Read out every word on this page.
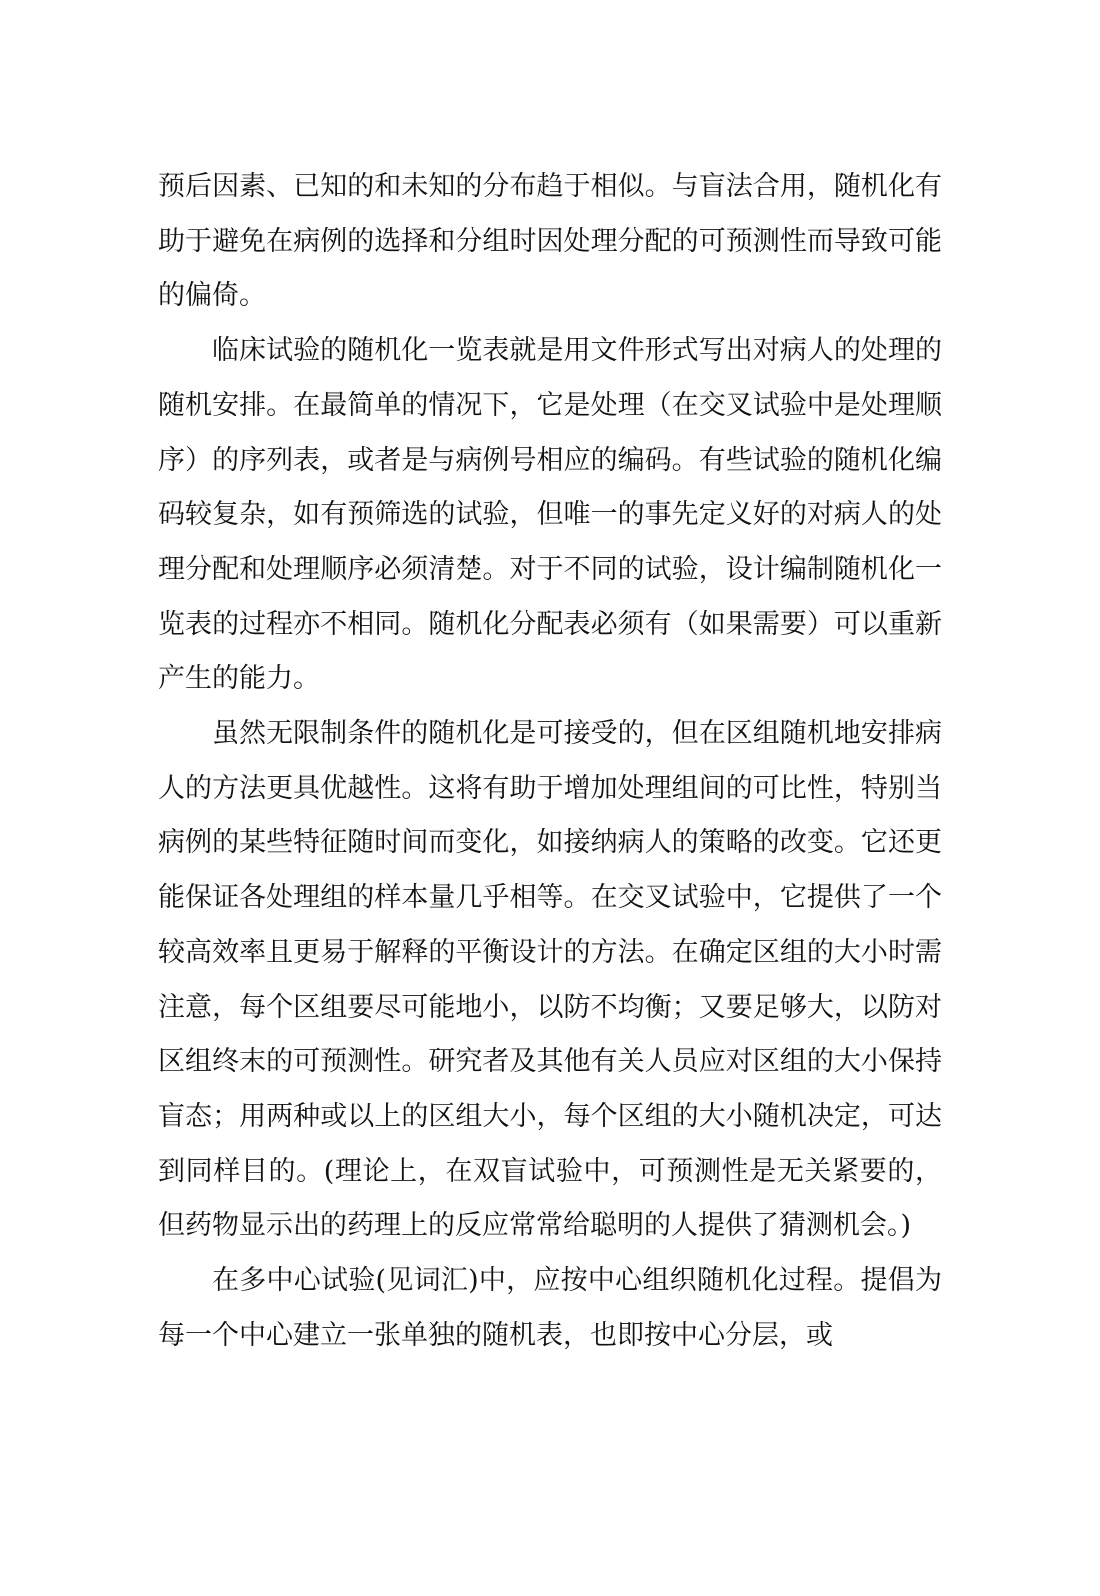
预后因素、已知的和未知的分布趋于相似。与盲法合用，随机化有助于避免在病例的选择和分组时因处理分配的可预测性而导致可能的偏倚。

临床试验的随机化一览表就是用文件形式写出对病人的处理的随机安排。在最简单的情况下，它是处理（在交叉试验中是处理顺序）的序列表，或者是与病例号相应的编码。有些试验的随机化编码较复杂，如有预筛选的试验，但唯一的事先定义好的对病人的处理分配和处理顺序必须清楚。对于不同的试验，设计编制随机化一览表的过程亦不相同。随机化分配表必须有（如果需要）可以重新产生的能力。

虽然无限制条件的随机化是可接受的，但在区组随机地安排病人的方法更具优越性。这将有助于增加处理组间的可比性，特别当病例的某些特征随时间而变化，如接纳病人的策略的改变。它还更能保证各处理组的样本量几乎相等。在交叉试验中，它提供了一个较高效率且更易于解释的平衡设计的方法。在确定区组的大小时需注意，每个区组要尽可能地小，以防不均衡；又要足够大，以防对区组终末的可预测性。研究者及其他有关人员应对区组的大小保持盲态；用两种或以上的区组大小，每个区组的大小随机决定，可达到同样目的。(理论上，在双盲试验中，可预测性是无关紧要的，但药物显示出的药理上的反应常常给聪明的人提供了猜测机会。)

在多中心试验(见词汇)中，应按中心组织随机化过程。提倡为每一个中心建立一张单独的随机表，也即按中心分层，或
